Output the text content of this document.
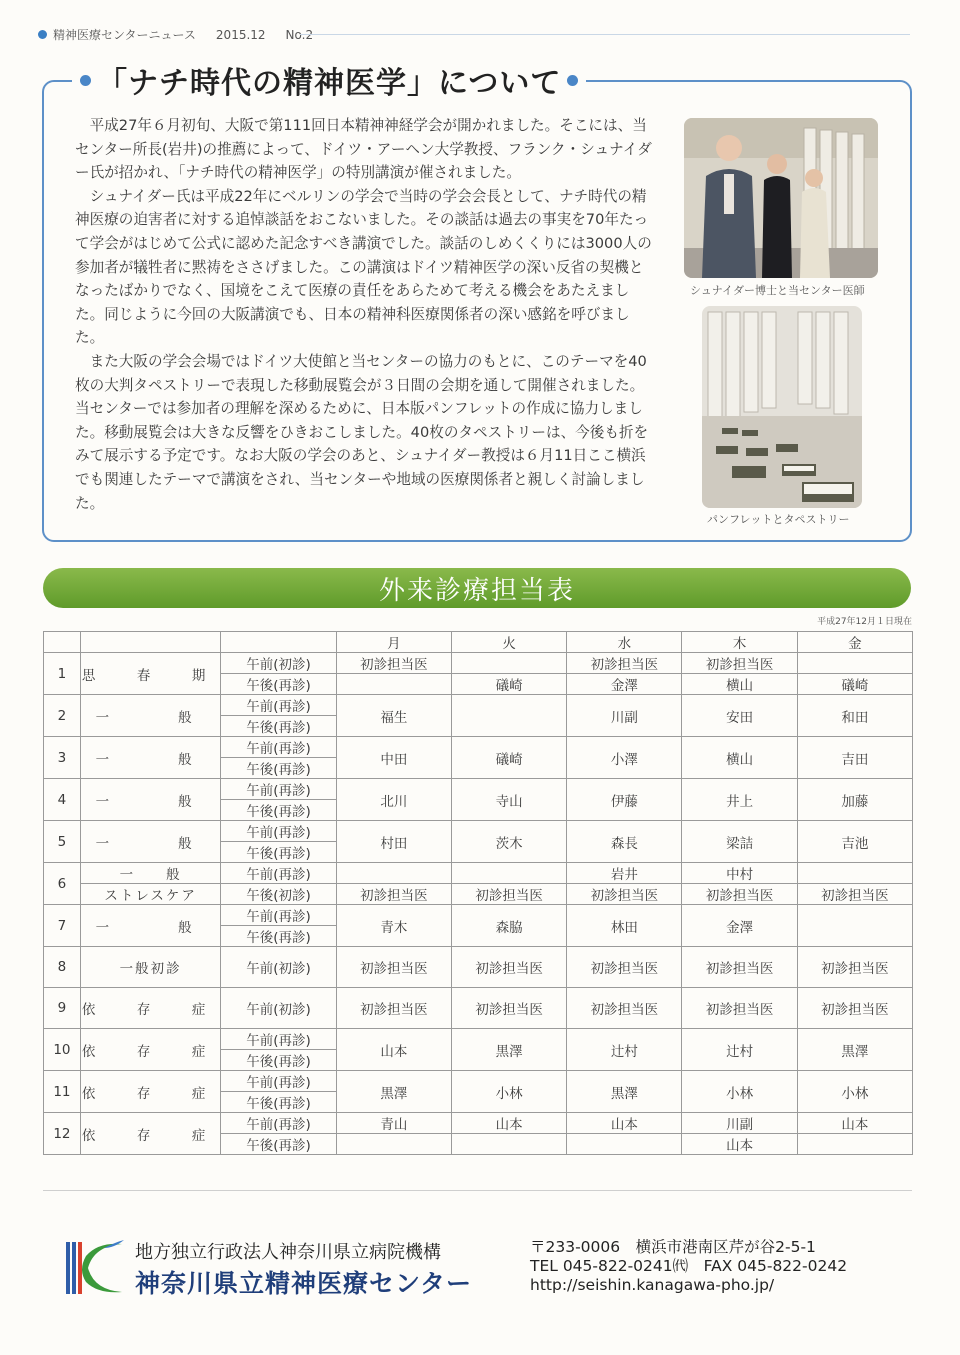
精神医療センターニュース 2015.12 No.2
「ナチ時代の精神医学」について

平成27年６月初旬、大阪で第111回日本精神神経学会が開かれました。そこには、当センター所長(岩井)の推薦によって、ドイツ・アーヘン大学教授、フランク・シュナイダー氏が招かれ、「ナチ時代の精神医学」の特別講演が催されました。

シュナイダー氏は平成22年にベルリンの学会で当時の学会会長として、ナチ時代の精神医療の迫害者に対する追悼談話をおこないました。その談話は過去の事実を70年たって学会がはじめて公式に認めた記念すべき講演でした。談話のしめくくりには3000人の参加者が犠牲者に黙祷をささげました。この講演はドイツ精神医学の深い反省の契機となったばかりでなく、国境をこえて医療の責任をあらためて考える機会をあたえました。同じように今回の大阪講演でも、日本の精神科医療関係者の深い感銘を呼びました。

また大阪の学会会場ではドイツ大使館と当センターの協力のもとに、このテーマを40枚の大判タペストリーで表現した移動展覧会が３日間の会期を通して開催されました。当センターでは参加者の理解を深めるために、日本版パンフレットの作成に協力しました。移動展覧会は大きな反響をひきおこしました。40枚のタペストリーは、今後も折をみて展示する予定です。なお大阪の学会のあと、シュナイダー教授は６月11日ここ横浜でも関連したテーマで講演をされ、当センターや地域の医療関係者と親しく討論しました。

シュナイダー博士と当センター医師
パンフレットとタペストリー
外来診療担当表
平成27年12月１日現在
			月	火	水	木	金
1	思　春　期	午前(初診)	初診担当医		初診担当医	初診担当医	
		午後(再診)		礒崎	金澤	横山	礒崎
2	一　　般	午前(再診)	福生		川副	安田	和田
		午後(再診)					
3	一　　般	午前(再診)	中田	礒崎	小澤	横山	吉田
		午後(再診)					
4	一　　般	午前(再診)	北川	寺山	伊藤	井上	加藤
		午後(再診)					
5	一　　般	午前(再診)	村田	茨木	森長	梁詰	吉池
		午後(再診)					
6	一　　般	午前(再診)			岩井	中村	
	ストレスケア	午後(初診)	初診担当医	初診担当医	初診担当医	初診担当医	初診担当医
7	一　　般	午前(再診)	青木	森脇	林田	金澤	
		午後(再診)					
8	一般初診	午前(初診)	初診担当医	初診担当医	初診担当医	初診担当医	初診担当医
9	依　存　症	午前(初診)	初診担当医	初診担当医	初診担当医	初診担当医	初診担当医
10	依　存　症	午前(再診)	山本	黒澤	辻村	辻村	黒澤
		午後(再診)					
11	依　存　症	午前(再診)	黒澤	小林	黒澤	小林	小林
		午後(再診)					
12	依　存　症	午前(再診)	青山	山本	山本	川副	山本
		午後(再診)				山本	
地方独立行政法人神奈川県立病院機構
神奈川県立精神医療センター
〒233-0006　横浜市港南区芹が谷2-5-1
TEL 045-822-0241㈹　FAX 045-822-0242
http://seishin.kanagawa-pho.jp/
